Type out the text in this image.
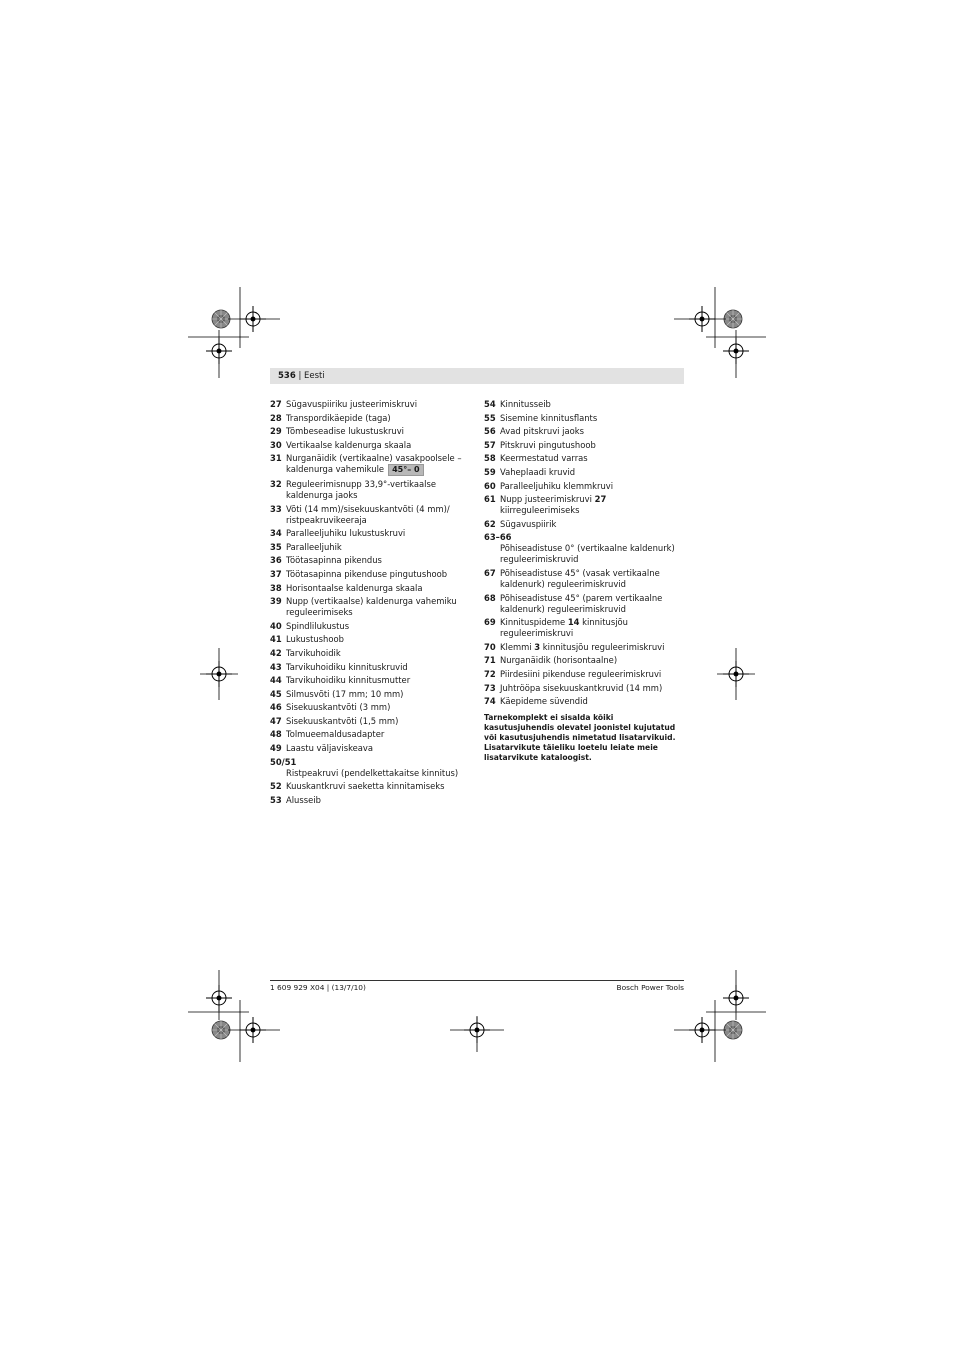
536 | Eesti
27 Sügavuspiiriku justeerimiskruvi
28 Transpordikäepide (taga)
29 Tõmbeseadise lukustuskruvi
30 Vertikaalse kaldenurga skaala
31 Nurganäidik (vertikaalne) vasakpoolsele – kaldenurga vahemikule 45°– 0
32 Reguleerimisnupp 33,9°-vertikaalse kaldenurga jaoks
33 Võti (14 mm)/sisekuuskantvõti (4 mm)/ ristpeakruvikeeraja
34 Paralleeljuhiku lukustuskruvi
35 Paralleeljuhik
36 Töötasapinna pikendus
37 Töötasapinna pikenduse pingutushoob
38 Horisontaalse kaldenurga skaala
39 Nupp (vertikaalse) kaldenurga vahemiku reguleerimiseks
40 Spindlilukustus
41 Lukustushoob
42 Tarvikuhoidik
43 Tarvikuhoidiku kinnituskruvid
44 Tarvikuhoidiku kinnitusmutter
45 Silmusvõti (17 mm; 10 mm)
46 Sisekuuskantvõti (3 mm)
47 Sisekuuskantvõti (1,5 mm)
48 Tolmueemaldusadapter
49 Laastu väljaviskeava
50/51
Ristpeakruvi (pendelkettakaitse kinnitus)
52 Kuuskantkruvi saeketta kinnitamiseks
53 Alusseib
54 Kinnitusseib
55 Sisemine kinnitusflants
56 Avad pitskruvi jaoks
57 Pitskruvi pingutushoob
58 Keermestatud varras
59 Vaheplaadi kruvid
60 Paralleeljuhiku klemmkruvi
61 Nupp justeerimiskruvi 27 kiirreguleerimiseks
62 Sügavuspiirik
63–66
Põhiseadistuse 0° (vertikaalne kaldenurk) reguleerimiskruvid
67 Põhiseadistuse 45° (vasak vertikaalne kaldenurk) reguleerimiskruvid
68 Põhiseadistuse 45° (parem vertikaalne kaldenurk) reguleerimiskruvid
69 Kinnituspideme 14 kinnitusjõu reguleerimiskruvi
70 Klemmi 3 kinnitusjõu reguleerimiskruvi
71 Nurganäidik (horisontaalne)
72 Piirdesiini pikenduse reguleerimiskruvi
73 Juhtrööpa sisekuuskantkruvid (14 mm)
74 Käepideme süvendid
Tarnekomplekt ei sisalda kõiki kasutusjuhendis olevatel joonistel kujutatud või kasutusjuhendis nimetatud lisatarvikuid. Lisatarvikute täieliku loetelu leiate meie lisatarvikute kataloogist.
1 609 929 X04 | (13/7/10)	Bosch Power Tools
